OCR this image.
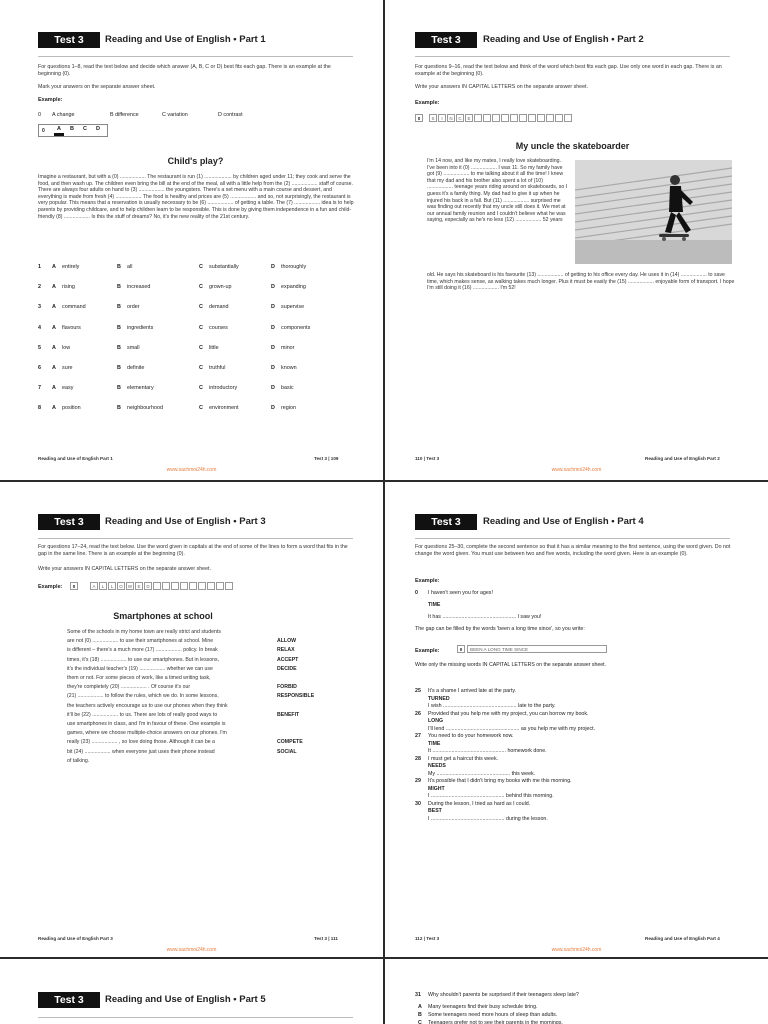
Test 3	Reading and Use of English • Part 1
For questions 1–8, read the text below and decide which answer (A, B, C or D) best fits each gap. There is an example at the beginning (0).
Mark your answers on the separate answer sheet.
Example:
0 A change	B difference	C variation	D contrast
0 A B C D
Child's play?
Imagine a restaurant, but with a (0) .................. The restaurant is run (1) ................... by children aged under 11; they cook and serve the food, and then wash up. The children even bring the bill at the end of the meal, all with a little help from the (2) .................. staff of course. There are always four adults on hand to (3) .................. the youngsters. There's a set menu with a main course and dessert, and everything is made from fresh (4) .................. The food is healthy and prices are (5) .................. and so, not surprisingly, the restaurant is very popular. This means that a reservation is usually necessary to be (6) .................. of getting a table. The (7) .................. idea is to help parents by providing childcare, and to help children learn to be responsible. This is done by giving them independence in a fun and child-friendly (8) .................. Is this the stuff of dreams? No, it's the new reality of the 21st century.
1 A entirely	B all	C substantially	D thoroughly
2 A rising	B increased	C grown-up	D expanding
3 A command	B order	C demand	D supervise
4 A flavours	B ingredients	C courses	D components
5 A low	B small	C little	D minor
6 A sure	B definite	C truthful	D known
7 A easy	B elementary	C introductory	D basic
8 A position	B neighbourhood	C environment	D region
Reading and Use of English Part 1	Test 3 | 109
www.sachmoi24h.com
Test 3	Reading and Use of English • Part 2
For questions 9–16, read the text below and think of the word which best fits each gap. Use only one word in each gap. There is an example at the beginning (0).
Write your answers IN CAPITAL LETTERS on the separate answer sheet.
Example:
0	S	I	N	C	E
My uncle the skateboarder
I'm 14 now, and like my mates, I really love skateboarding. I've been into it (0) .................. I was 11. So my family have got (9) .................. to me talking about it all the time! I knew that my dad and his brother also spent a lot of (10) .................. teenage years riding around on skateboards, so I guess it's a family thing. My dad had to give it up when he injured his back in a fall. But (11) .................. surprised me was finding out recently that my uncle still does it. We met at our annual family reunion and I couldn't believe what he was saying, especially as he's no less (12) .................. 52 years
old. He says his skateboard is his favourite (13) .................. of getting to his office every day. He uses it in (14) .................. to save time, which makes sense, as walking takes much longer. Plus it must be easily the (15) .................. enjoyable form of transport. I hope I'm still doing it (16) .................. I'm 52!
110 | Test 3	Reading and Use of English Part 2
www.sachmoi24h.com
Test 3	Reading and Use of English • Part 3
For questions 17–24, read the text below. Use the word given in capitals at the end of some of the lines to form a word that fits in the gap in the same line. There is an example at the beginning (0).
Write your answers IN CAPITAL LETTERS on the separate answer sheet.
Example:	0	A	L	L	O	W	E	D
Smartphones at school
Some of the schools in my home town are really strict and students
are not (0) .................. to use their smartphones at school. Mine
is different – there's a much more (17) .................. policy. In break
times, it's (18) .................. to use our smartphones. But in lessons,
it's the individual teacher's (19) .................. whether we can use
them or not. For some pieces of work, like a timed writing task,
they're completely (20) .................. . Of course it's our
(21) .................. to follow the rules, which we do. In some lessons,
the teachers actively encourage us to use our phones when they think
it'll be (22) .................. to us. There are lots of really good ways to
use smartphones in class, and I'm in favour of these. One example is
games, where we choose multiple-choice answers on our phones. I'm
really (23) .................. , so love doing those. Although it can be a
bit (24) .................. when everyone just uses their phone instead
of talking.
ALLOW
RELAX
ACCEPT
DECIDE
FORBID
RESPONSIBLE
BENEFIT
COMPETE
SOCIAL
Reading and Use of English Part 3	Test 3 | 111
www.sachmoi24h.com
Test 3	Reading and Use of English • Part 4
For questions 25–30, complete the second sentence so that it has a similar meaning to the first sentence, using the word given. Do not change the word given. You must use between two and five words, including the word given. Here is an example (0).
Example:
0 I haven't seen you for ages!
TIME
It has .................................................. I saw you!
The gap can be filled by the words 'been a long time since', so you write:
Example:	0	BEEN A LONG TIME SINCE
Write only the missing words IN CAPITAL LETTERS on the separate answer sheet.
25 It's a shame I arrived late at the party.
TURNED
I wish .................................................. late to the party.
26 Provided that you help me with my project, you can borrow my book.
LONG
I'll lend .................................................. as you help me with my project.
27 You need to do your homework now.
TIME
It .................................................. homework done.
28 I must get a haircut this week.
NEEDS
My .................................................. this week.
29 It's possible that I didn't bring my books with me this morning.
MIGHT
I .................................................. behind this morning.
30 During the lesson, I tried as hard as I could.
BEST
I .................................................. during the lesson.
112 | Test 3	Reading and Use of English Part 4
www.sachmoi24h.com
Test 3	Reading and Use of English • Part 5	31 Why shouldn't parents be surprised if their teenagers sleep late?
A Many teenagers find their busy schedule tiring.
B Some teenagers need more hours of sleep than adults.
C Teenagers prefer not to see their parents in the mornings.
